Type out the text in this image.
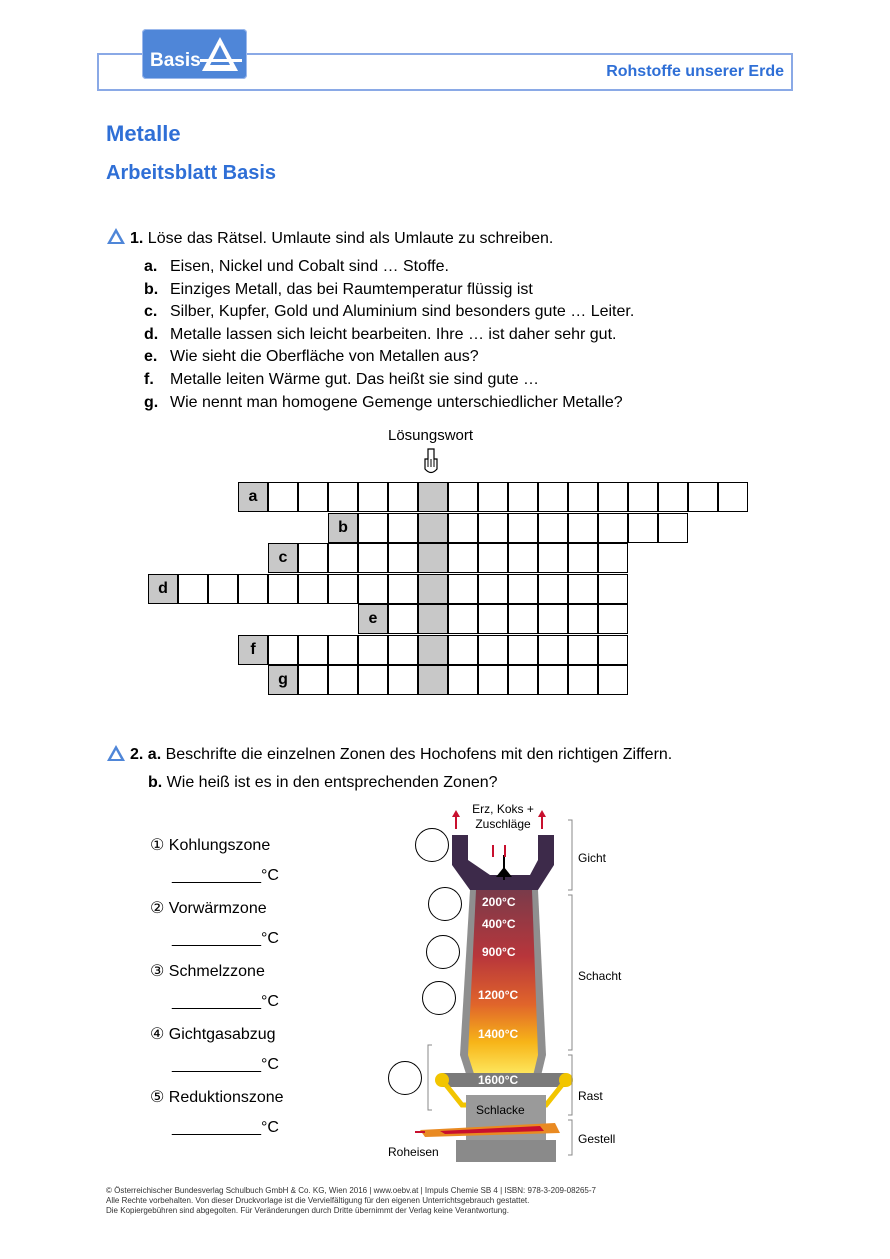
Basis
Rohstoffe unserer Erde
Metalle
Arbeitsblatt Basis
1. Löse das Rätsel. Umlaute sind als Umlaute zu schreiben.
a. Eisen, Nickel und Cobalt sind … Stoffe.
b. Einziges Metall, das bei Raumtemperatur flüssig ist
c. Silber, Kupfer, Gold und Aluminium sind besonders gute … Leiter.
d. Metalle lassen sich leicht bearbeiten. Ihre … ist daher sehr gut.
e. Wie sieht die Oberfläche von Metallen aus?
f. Metalle leiten Wärme gut. Das heißt sie sind gute …
g. Wie nennt man homogene Gemenge unterschiedlicher Metalle?
Lösungswort
a
b
c
d
e
f
g
2. a. Beschrifte die einzelnen Zonen des Hochofens mit den richtigen Ziffern.
b. Wie heiß ist es in den entsprechenden Zonen?
① Kohlungszone
__________°C
② Vorwärmzone
__________°C
③ Schmelzzone
__________°C
④ Gichtgasabzug
__________°C
⑤ Reduktionszone
__________°C
Erz, Koks +
Zuschläge
200°C
400°C
900°C
1200°C
1400°C
1600°C
Schlacke
Roheisen
Gicht
Schacht
Rast
Gestell
© Österreichischer Bundesverlag Schulbuch GmbH & Co. KG, Wien 2016 | www.oebv.at | Impuls Chemie SB 4 | ISBN: 978-3-209-08265-7
Alle Rechte vorbehalten. Von dieser Druckvorlage ist die Vervielfältigung für den eigenen Unterrichtsgebrauch gestattet.
Die Kopiergebühren sind abgegolten. Für Veränderungen durch Dritte übernimmt der Verlag keine Verantwortung.
